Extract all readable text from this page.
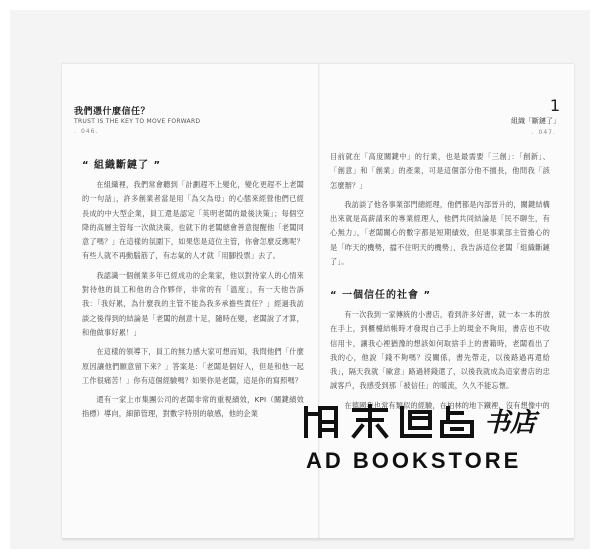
我們憑什麼信任？
TRUST IS THE KEY TO MOVE FORWARD
．046．
1
組織「斷鏈了」
．047．
“ 組織斷鏈了 ”

在組織裡，我們常會聽到「計劃趕不上變化，變化更趕不上老闆的一句話」，許多創業者當是用「為父為母」的心態來經營他們已經長成的中大型企業，員工還是認定「英明老闆的最後決策」；每個空降的高層主管每一次做決策，也就下的老闆總會善意提醒他「老闆同意了嗎？」在這樣的氛圍下，如果您是這位主管，你會怎麼反應呢？有些人就不再動腦筋了，有志氣的人才就「用腳投票」去了。

我認識一個創業多年已經成功的企業家，他以對待家人的心情來對待他的員工和他的合作夥伴，非常的有「溫度」，有一天他告訴我：「我好累，為什麼我的主管不能為我多承擔些責任？」經過我訪談之後得到的結論是「老闆的創意十足，隨時在變，老闆說了才算，和他做事好累！」

在這樣的領導下，員工的無力感大家可想而知，我問他們「什麼原因讓他們願意留下來？」答案是：「老闆是個好人，但是和他一起工作很痛苦！」你有這個經驗嗎？如果你是老闆，這是你的寫照嗎？

還有一家上市集團公司的老闆非常的重視績效，KPI（關鍵績效指標）導向，細節管理，對數字特別的敏感，他的企業

目前就在「高度關鍵中」的行業，也是最需要「三創」：「創新」、「創意」和「創業」的產業，可是這個部分他不擅長，他問我「該怎麼辦？」

我訪談了他各事業部門總經理，他們都是內部晉升的，關鍵結構出來就是高薪請來的專業經理人，他們共同結論是「民不聊生，有心無力」，「老闆關心的數字都是短期績效，但是事業部主管擔心的是「昨天的機勢，擋不住明天的機勢」，我告訴這位老闆「組織斷鏈了」。

“ 一個信任的社會 ”

有一次我到一家傳統的小書店，看到許多好書，就一本一本的放在手上，到櫃檯結帳時才發現自己手上的現金不夠用，書店也不收信用卡，讓我心裡猶豫的想該如何取捨手上的書籍時，老闆看出了我的心，他說「錢不夠嗎？沒關係，書先帶走，以後路過再還給我」，隔天我就「歐意」路過將錢還了，以後我就成為這家書店的忠誠客戶，我感受到那「被信任」的暖流，久久不能忘懷。

在德國我也常有類似的經驗，在柏林的地下鐵裡，沒有想像中的

书店
AD BOOKSTORE
